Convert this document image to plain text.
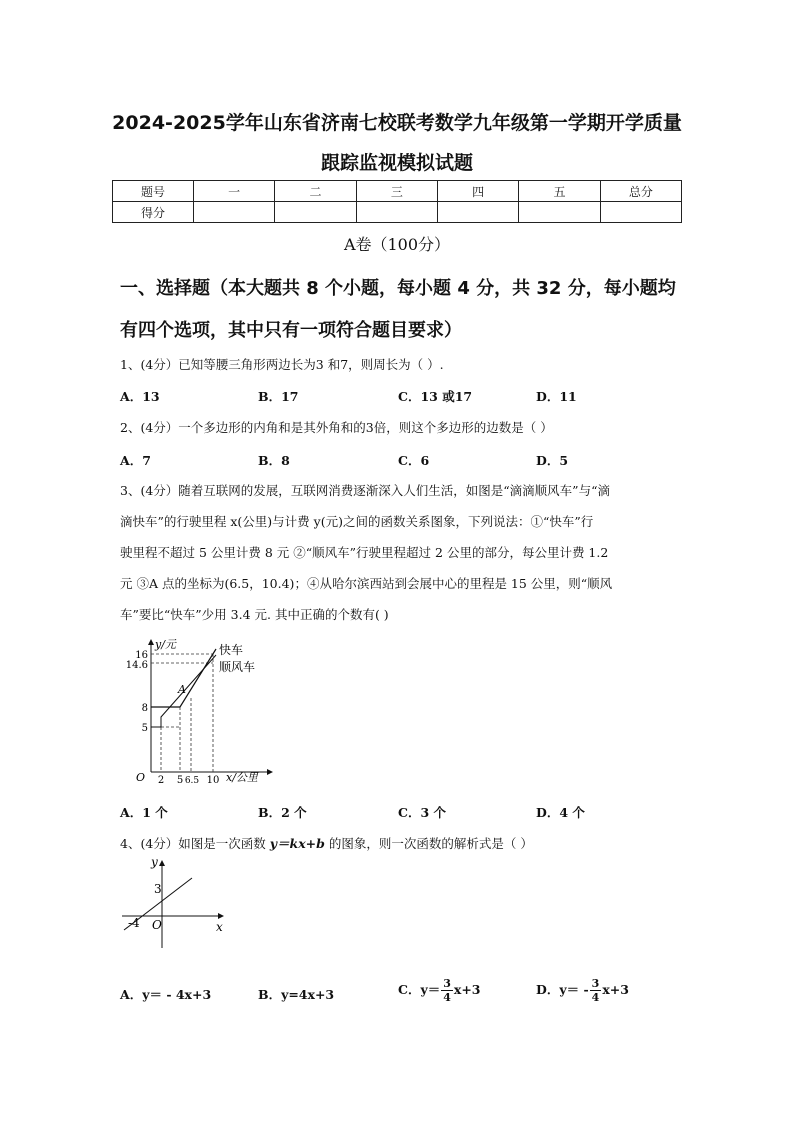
2024-2025学年山东省济南七校联考数学九年级第一学期开学质量
跟踪监视模拟试题
题号	一	二	三	四	五	总分
得分						
A卷（100分）
一、选择题（本大题共 8 个小题，每小题 4 分，共 32 分，每小题均
有四个选项，其中只有一项符合题目要求）
1、(4分）已知等腰三角形两边长为3 和7，则周长为（ ）.
A．13	B．17	C．13 或17	D．11
2、(4分）一个多边形的内角和是其外角和的3倍，则这个多边形的边数是（ ）
A．7	B．8	C．6	D．5
3、(4分）随着互联网的发展，互联网消费逐渐深入人们生活，如图是“滴滴顺风车”与“滴
滴快车”的行驶里程 x(公里)与计费 y(元)之间的函数关系图象，下列说法：①“快车”行
驶里程不超过 5 公里计费 8 元 ②“顺风车”行驶里程超过 2 公里的部分，每公里计费 1.2
元 ③A 点的坐标为(6.5，10.4)；④从哈尔滨西站到会展中心的里程是 15 公里，则“顺风
车”要比“快车”少用 3.4 元. 其中正确的个数有( )
y/元
x/公里
O
16
14.6
8
5
2 5 6.5 10
A
快车
顺风车
A．1 个	B．2 个	C．3 个	D．4 个
4、(4分）如图是一次函数 y＝kx+b 的图象，则一次函数的解析式是（ ）
y
x
O
3
-4
A．y＝ - 4x+3	B．y=4x+3	C．$y= \frac{3}{4} x+3$	D．$y= - \frac{3}{4} x+3$
